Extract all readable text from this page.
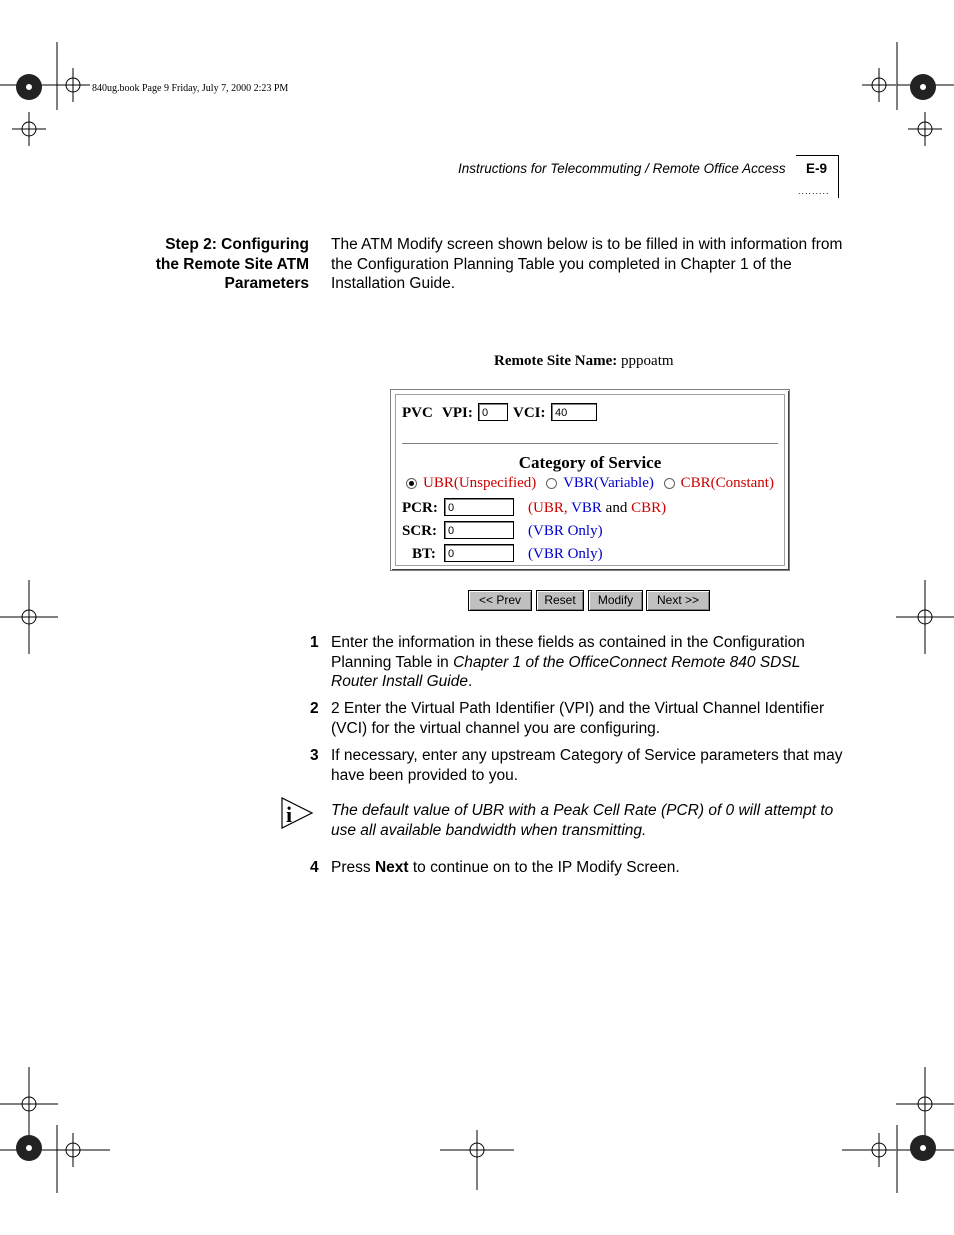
840ug.book Page 9 Friday, July 7, 2000 2:23 PM
Instructions for Telecommuting / Remote Office Access E-9
.........
Step 2: Configuring
the Remote Site ATM
Parameters
The ATM Modify screen shown below is to be filled in with information from the Configuration Planning Table you completed in Chapter 1 of the Installation Guide.
Remote Site Name: pppoatm
PVC VPI: 0	VCI: 40
Category of Service
UBR(Unspecified) VBR(Variable) CBR(Constant)
PCR: 0	(UBR, VBR and CBR)
SCR: 0	(VBR Only)
BT:	0	(VBR Only)
<< Prev	Reset	Modify	Next >>
1 Enter the information in these fields as contained in the Configuration Planning Table in Chapter 1 of the OfficeConnect Remote 840 SDSL Router Install Guide.
2 2 Enter the Virtual Path Identifier (VPI) and the Virtual Channel Identifier (VCI) for the virtual channel you are configuring.
3 If necessary, enter any upstream Category of Service parameters that may have been provided to you.
i	The default value of UBR with a Peak Cell Rate (PCR) of 0 will attempt to use all available bandwidth when transmitting.
4 Press Next to continue on to the IP Modify Screen.
